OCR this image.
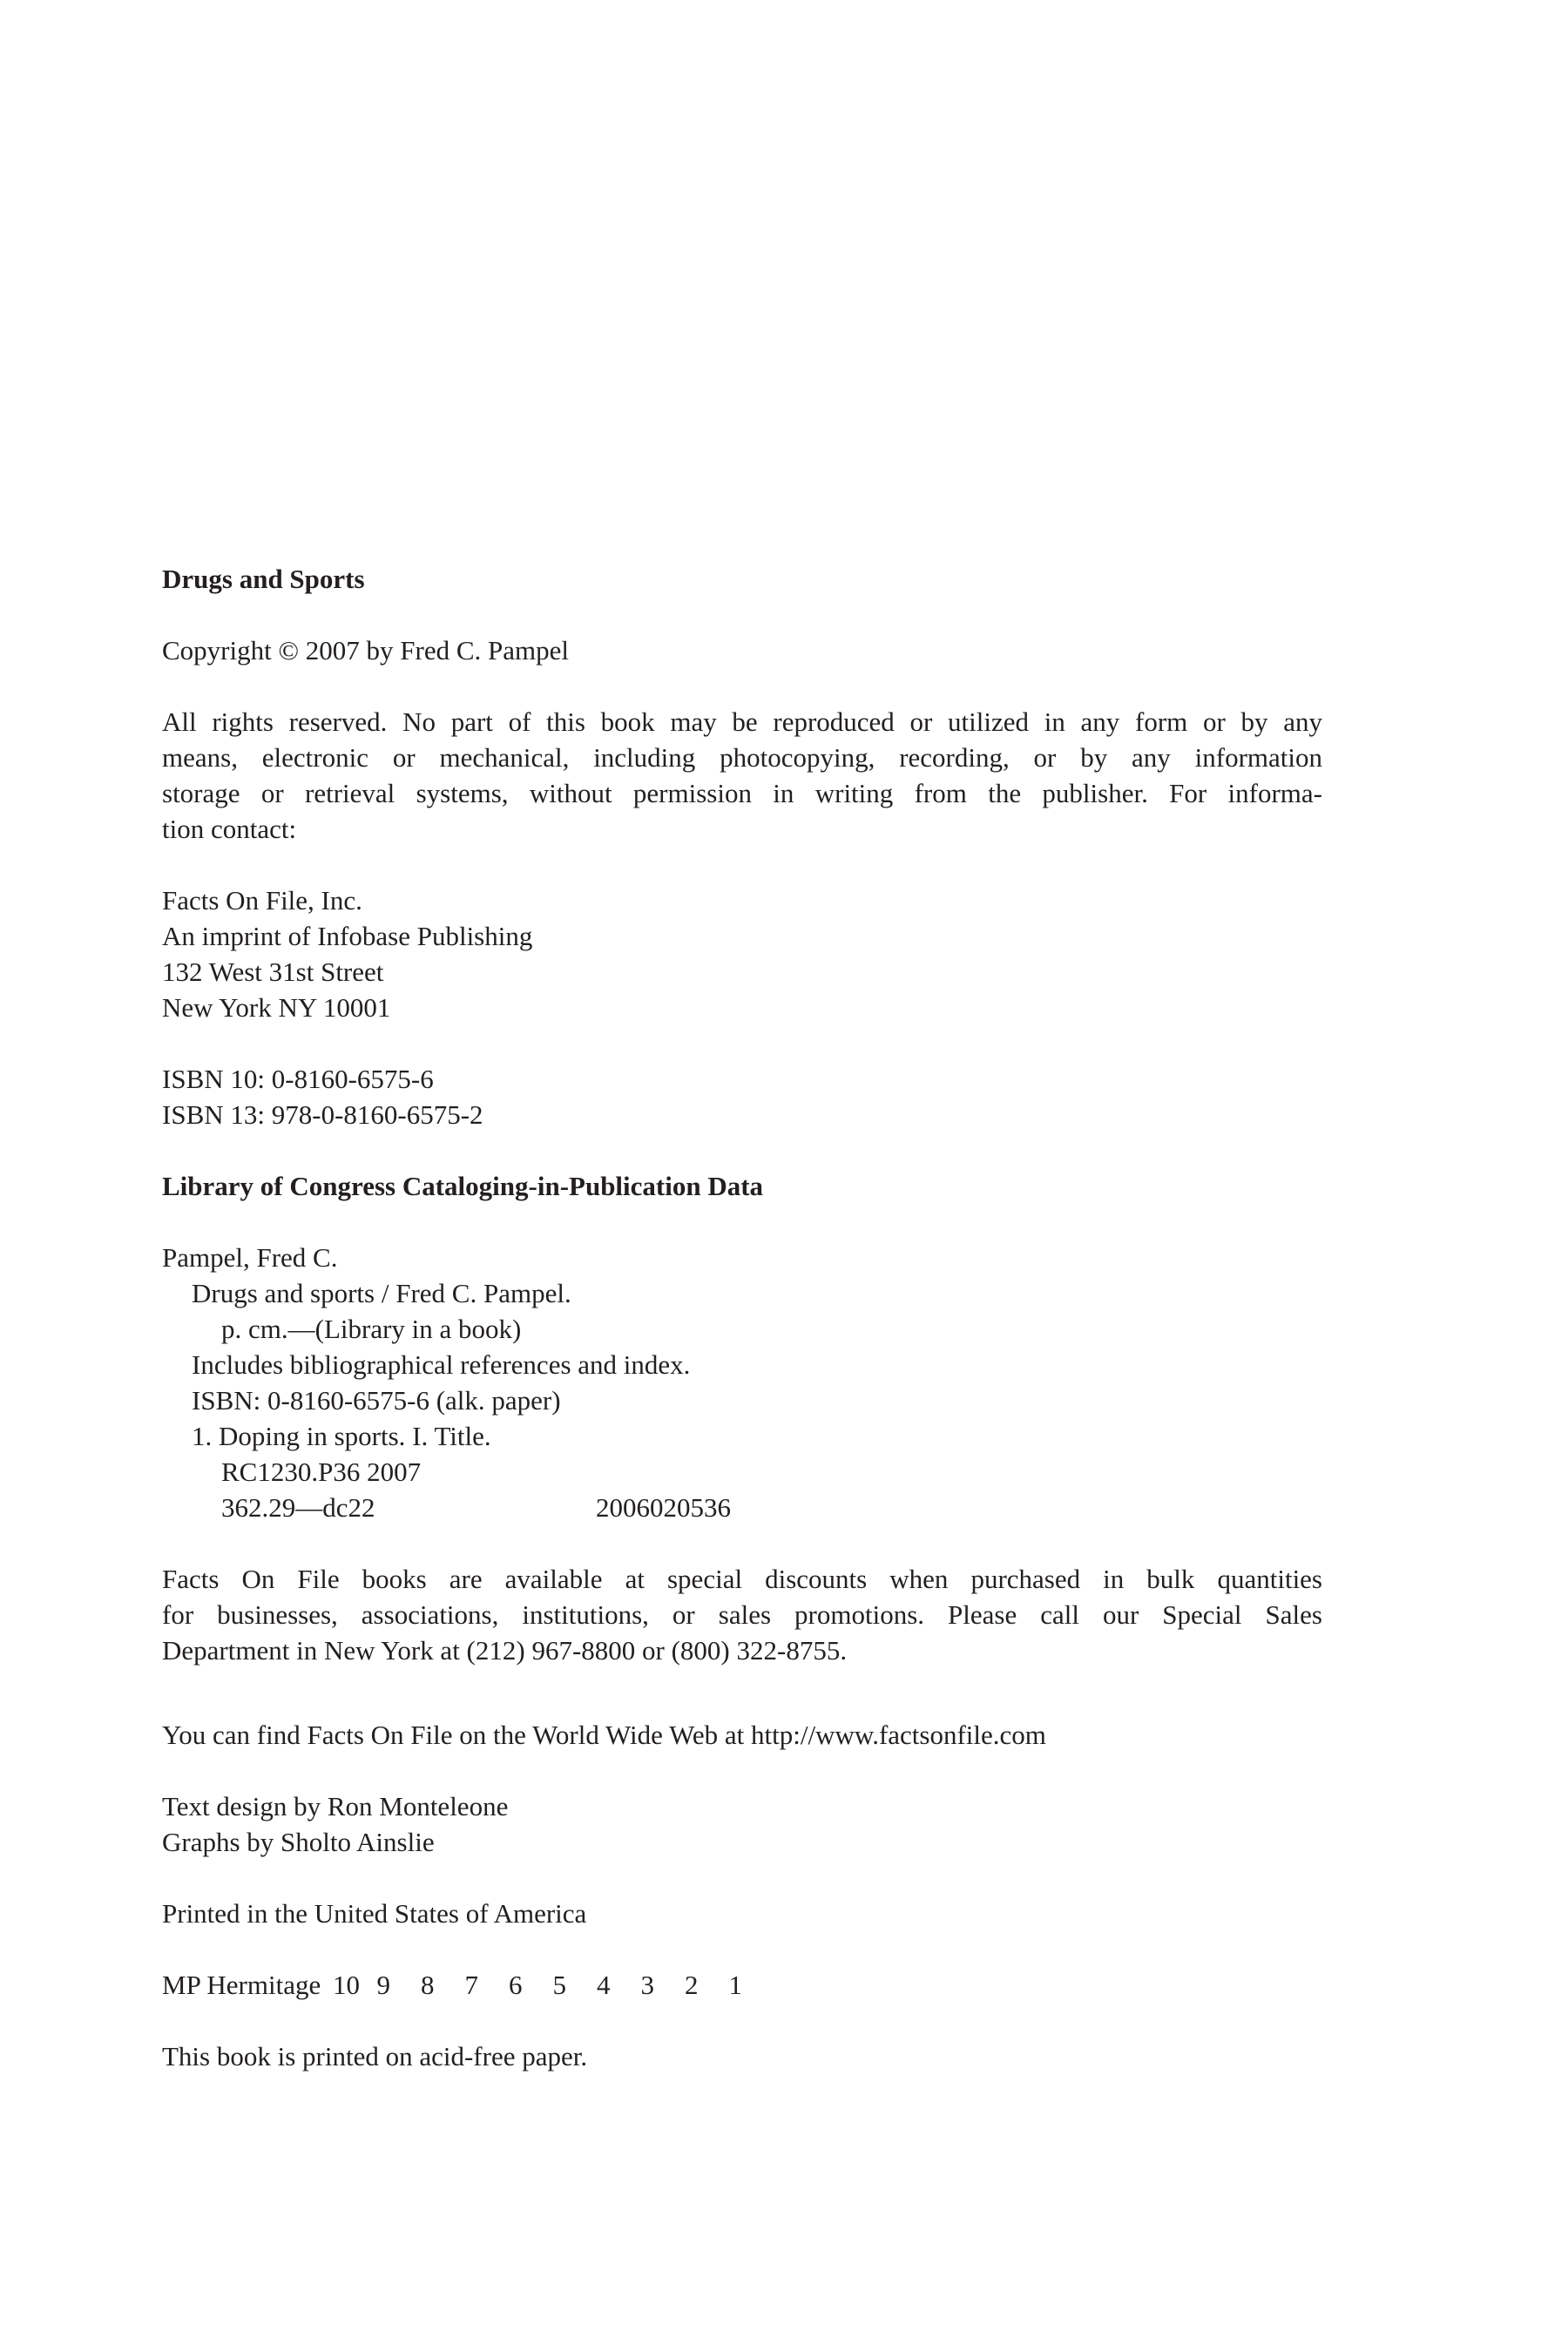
Drugs and Sports

Copyright © 2007 by Fred C. Pampel

All rights reserved. No part of this book may be reproduced or utilized in any form or by any
means, electronic or mechanical, including photocopying, recording, or by any information
storage or retrieval systems, without permission in writing from the publisher. For informa-
tion contact:
Facts On File, Inc.
An imprint of Infobase Publishing
132 West 31st Street
New York NY 10001
ISBN 10: 0-8160-6575-6
ISBN 13: 978-0-8160-6575-2

Library of Congress Cataloging-in-Publication Data

Pampel, Fred C.
Drugs and sports / Fred C. Pampel.
p. cm.—(Library in a book)
Includes bibliographical references and index.
ISBN: 0-8160-6575-6 (alk. paper)
1. Doping in sports. I. Title.
RC1230.P36 2007
362.29—dc22	2006020536
Facts On File books are available at special discounts when purchased in bulk quantities
for businesses, associations, institutions, or sales promotions. Please call our Special Sales
Department in New York at (212) 967-8800 or (800) 322-8755.

You can find Facts On File on the World Wide Web at http://www.factsonfile.com

Text design by Ron Monteleone
Graphs by Sholto Ainslie

Printed in the United States of America

MP Hermitage 10 9 8 7 6 5 4 3 2 1

This book is printed on acid-free paper.
